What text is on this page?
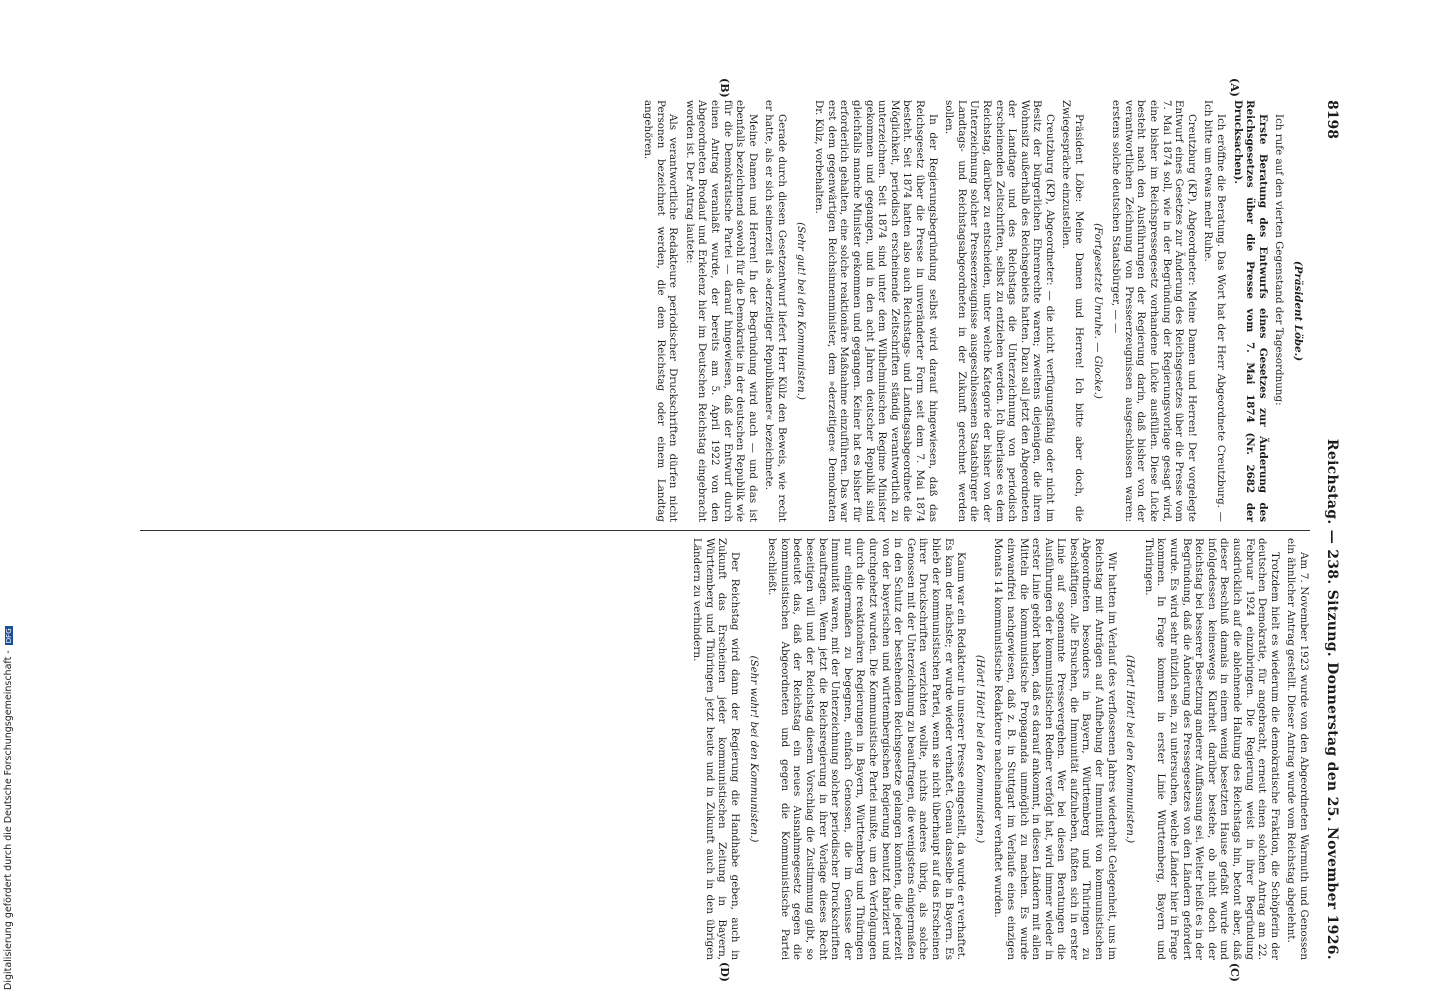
Digitalisierung gefördert durch die Deutsche Forschungsgemeinschaft - DFG
8198
Reichstag. — 238. Sitzung. Donnerstag den 25. November 1926.

(Präsident Löbe.)

Ich rufe auf den vierten Gegenstand der Tagesordnung:

Erste Beratung des Entwurfs eines Gesetzes zur Änderung des Reichsgesetzes über die Presse vom 7. Mai 1874 (Nr. 2682 der Drucksachen).

Ich eröffne die Beratung. Das Wort hat der Herr Abgeordnete Creutzburg. — Ich bitte um etwas mehr Ruhe.

Creutzburg (KP), Abgeordneter: Meine Damen und Herren! Der vorgelegte Entwurf eines Gesetzes zur Änderung des Reichsgesetzes über die Presse vom 7. Mai 1874 soll, wie in der Begründung der Regierungsvorlage gesagt wird, eine bisher im Reichspressegesetz vorhandene Lücke ausfüllen. Diese Lücke besteht nach den Ausführungen der Regierung darin, daß bisher von der verantwortlichen Zeichnung von Presseerzeugnissen ausgeschlossen waren: erstens solche deutschen Staatsbürger, — —

(Fortgesetzte Unruhe. — Glocke.)

Präsident Löbe: Meine Damen und Herren! Ich bitte aber doch, die Zwiegespräche einzustellen.

Creutzburg (KP), Abgeordneter: — die nicht verfügungsfähig oder nicht im Besitz der bürgerlichen Ehrenrechte waren; zweitens diejenigen, die ihren Wohnsitz außerhalb des Reichsgebiets hatten. Dazu soll jetzt den Abgeordneten der Landtage und des Reichstags die Unterzeichnung von periodisch erscheinenden Zeitschriften, selbst zu entziehen werden. Ich überlasse es dem Reichstag, darüber zu entscheiden, unter welche Kategorie der bisher von der Unterzeichnung solcher Presseerzeugnisse ausgeschlossenen Staatsbürger die Landtags- und Reichstagsabgeordneten in der Zukunft gerechnet werden sollen.

In der Regierungsbegründung selbst wird darauf hingewiesen, daß das Reichsgesetz über die Presse in unveränderter Form seit dem 7. Mai 1874 besteht. Seit 1874 hatten also auch Reichstags- und Landtagsabgeordnete die Möglichkeit, periodisch erscheinende Zeitschriften ständig verantwortlich zu unterzeichnen. Seit 1874 sind unter dem Wilhelminischen Regime Minister gekommen und gegangen, und in den acht Jahren deutscher Republik sind gleichfalls manche Minister gekommen und gegangen. Keiner hat es bisher für erforderlich gehalten, eine solche reaktionäre Maßnahme einzuführen. Das war erst dem gegenwärtigen Reichsinnenminister, dem »derzeitigen« Demokraten Dr. Külz, vorbehalten.

(Sehr gut! bei den Kommunisten.)

Gerade durch diesen Gesetzentwurf liefert Herr Külz den Beweis, wie recht er hatte, als er sich seinerzeit als »derzeitiger Republikaner« bezeichnete.

Meine Damen und Herren! In der Begründung wird auch — und das ist ebenfalls bezeichnend sowohl für die Demokratie in der deutschen Republik wie für die Demokratische Partei — darauf hingewiesen, daß der Entwurf durch einen Antrag veranlaßt wurde, der bereits am 5. April 1922 von den Abgeordneten Brodauf und Erkelenz hier im Deutschen Reichstag eingebracht worden ist. Der Antrag lautete:

Als verantwortliche Redakteure periodischer Druckschriften dürfen nicht Personen bezeichnet werden, die dem Reichstag oder einem Landtag angehören.

(A)
(B)

Am 7. November 1923 wurde von den Abgeordneten Warmuth und Genossen ein ähnlicher Antrag gestellt. Dieser Antrag wurde vom Reichstag abgelehnt.

Trotzdem hielt es wiederum die demokratische Fraktion, die Schöpferin der deutschen Demokratie, für angebracht, erneut einen solchen Antrag am 22. Februar 1924 einzubringen. Die Regierung weist in ihrer Begründung ausdrücklich auf die ablehnende Haltung des Reichstags hin, betont aber, daß dieser Beschluß damals in einem wenig besetzten Hause gefaßt wurde und infolgedessen keineswegs Klarheit darüber bestehe, ob nicht doch der Reichstag bei besserer Besetzung anderer Auffassung sei. Weiter heißt es in der Begründung, daß die Änderung des Pressegesetzes von den Ländern gefordert wurde. Es wird sehr nützlich sein, zu untersuchen, welche Länder hier in Frage kommen. In Frage kommen in erster Linie Württemberg, Bayern und Thüringen.

(Hört! Hört! bei den Kommunisten.)

Wir hatten im Verlauf des verflossenen Jahres wiederholt Gelegenheit, uns im Reichstag mit Anträgen auf Aufhebung der Immunität von kommunistischen Abgeordneten besonders in Bayern, Württemberg und Thüringen zu beschäftigen. Alle Ersuchen, die Immunität aufzuheben, fußten sich in erster Linie auf sogenannte Pressevergehen. Wer bei diesen Beratungen die Ausführungen der kommunistischen Redner verfolgt hat, wird immer wieder in erster Linie gehört haben, daß es darauf ankommt, in diesen Ländern mit allen Mitteln die kommunistische Propaganda unmöglich zu machen. Es wurde einwandfrei nachgewiesen, daß z. B. in Stuttgart im Verlaufe eines einzigen Monats 14 kommunistische Redakteure nacheinander verhaftet wurden.

(Hört! Hört! bei den Kommunisten.)

Kaum war ein Redakteur in unserer Presse eingestellt, da wurde er verhaftet. Es kam der nächste; er wurde wieder verhaftet. Genau dasselbe in Bayern. Es blieb der kommunistischen Partei, wenn sie nicht überhaupt auf das Erscheinen ihrer Druckschriften verzichten wollte, nichts anderes übrig, als solche Genossen mit der Unterzeichnung zu beauftragen, die wenigstens einigermaßen in den Schutz der bestehenden Reichsgesetze gelangen konnten, die jederzeit von der bayerischen und württembergischen Regierung benutzt fabriziert und durchgehetzt wurden. Die Kommunistische Partei mußte, um den Verfolgungen durch die reaktionären Regierungen in Bayern, Württemberg und Thüringen nur einigermaßen zu begegnen, einfach Genossen, die im Genusse der Immunität waren, mit der Unterzeichnung solcher periodischer Druckschriften beauftragen. Wenn jetzt die Reichsregierung in ihrer Vorlage dieses Recht beseitigen will und der Reichstag diesem Vorschlag die Zustimmung gibt, so bedeutet das, daß der Reichstag ein neues Ausnahmegesetz gegen die kommunistischen Abgeordneten und gegen die Kommunistische Partei beschließt.

(Sehr wahr! bei den Kommunisten.)

Der Reichstag wird dann der Regierung die Handhabe geben, auch in Zukunft das Erscheinen jeder kommunistischen Zeitung in Bayern, Württemberg und Thüringen jetzt heute und in Zukunft auch in den übrigen Ländern zu verhindern.

(C)
(D)
